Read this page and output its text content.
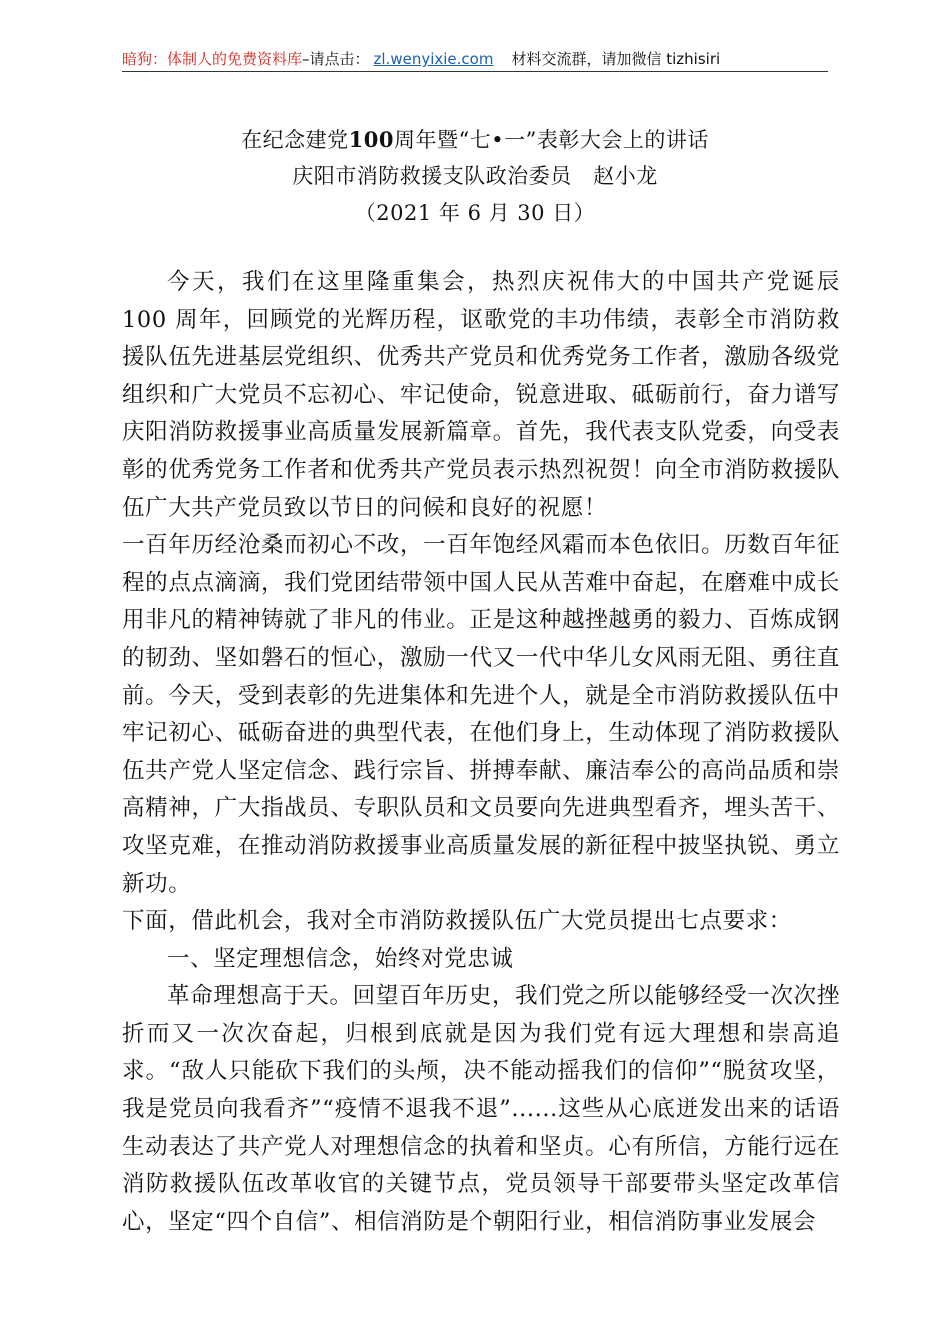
暗狗：体制人的免费资料库–请点击： zl.wenyixie.com 材料交流群，请加微信 tizhisiri
在纪念建党100周年暨“七•一”表彰大会上的讲话
庆阳市消防救援支队政治委员　赵小龙
（2021 年 6 月 30 日）

今天，我们在这里隆重集会，热烈庆祝伟大的中国共产党诞辰 100 周年，回顾党的光辉历程，讴歌党的丰功伟绩，表彰全市消防救援队伍先进基层党组织、优秀共产党员和优秀党务工作者，激励各级党组织和广大党员不忘初心、牢记使命，锐意进取、砥砺前行，奋力谱写庆阳消防救援事业高质量发展新篇章。首先，我代表支队党委，向受表彰的优秀党务工作者和优秀共产党员表示热烈祝贺！向全市消防救援队伍广大共产党员致以节日的问候和良好的祝愿！

一百年历经沧桑而初心不改，一百年饱经风霜而本色依旧。历数百年征程的点点滴滴，我们党团结带领中国人民从苦难中奋起，在磨难中成长用非凡的精神铸就了非凡的伟业。正是这种越挫越勇的毅力、百炼成钢的韧劲、坚如磐石的恒心，激励一代又一代中华儿女风雨无阻、勇往直前。今天，受到表彰的先进集体和先进个人，就是全市消防救援队伍中牢记初心、砥砺奋进的典型代表，在他们身上，生动体现了消防救援队伍共产党人坚定信念、践行宗旨、拼搏奉献、廉洁奉公的高尚品质和崇高精神，广大指战员、专职队员和文员要向先进典型看齐，埋头苦干、攻坚克难，在推动消防救援事业高质量发展的新征程中披坚执锐、勇立新功。

下面，借此机会，我对全市消防救援队伍广大党员提出七点要求：

一、坚定理想信念，始终对党忠诚

革命理想高于天。回望百年历史，我们党之所以能够经受一次次挫折而又一次次奋起，归根到底就是因为我们党有远大理想和崇高追求。“敌人只能砍下我们的头颅，决不能动摇我们的信仰”“脱贫攻坚，我是党员向我看齐”“疫情不退我不退”......这些从心底迸发出来的话语生动表达了共产党人对理想信念的执着和坚贞。心有所信，方能行远在消防救援队伍改革收官的关键节点，党员领导干部要带头坚定改革信心，坚定“四个自信”、相信消防是个朝阳行业，相信消防事业发展会
